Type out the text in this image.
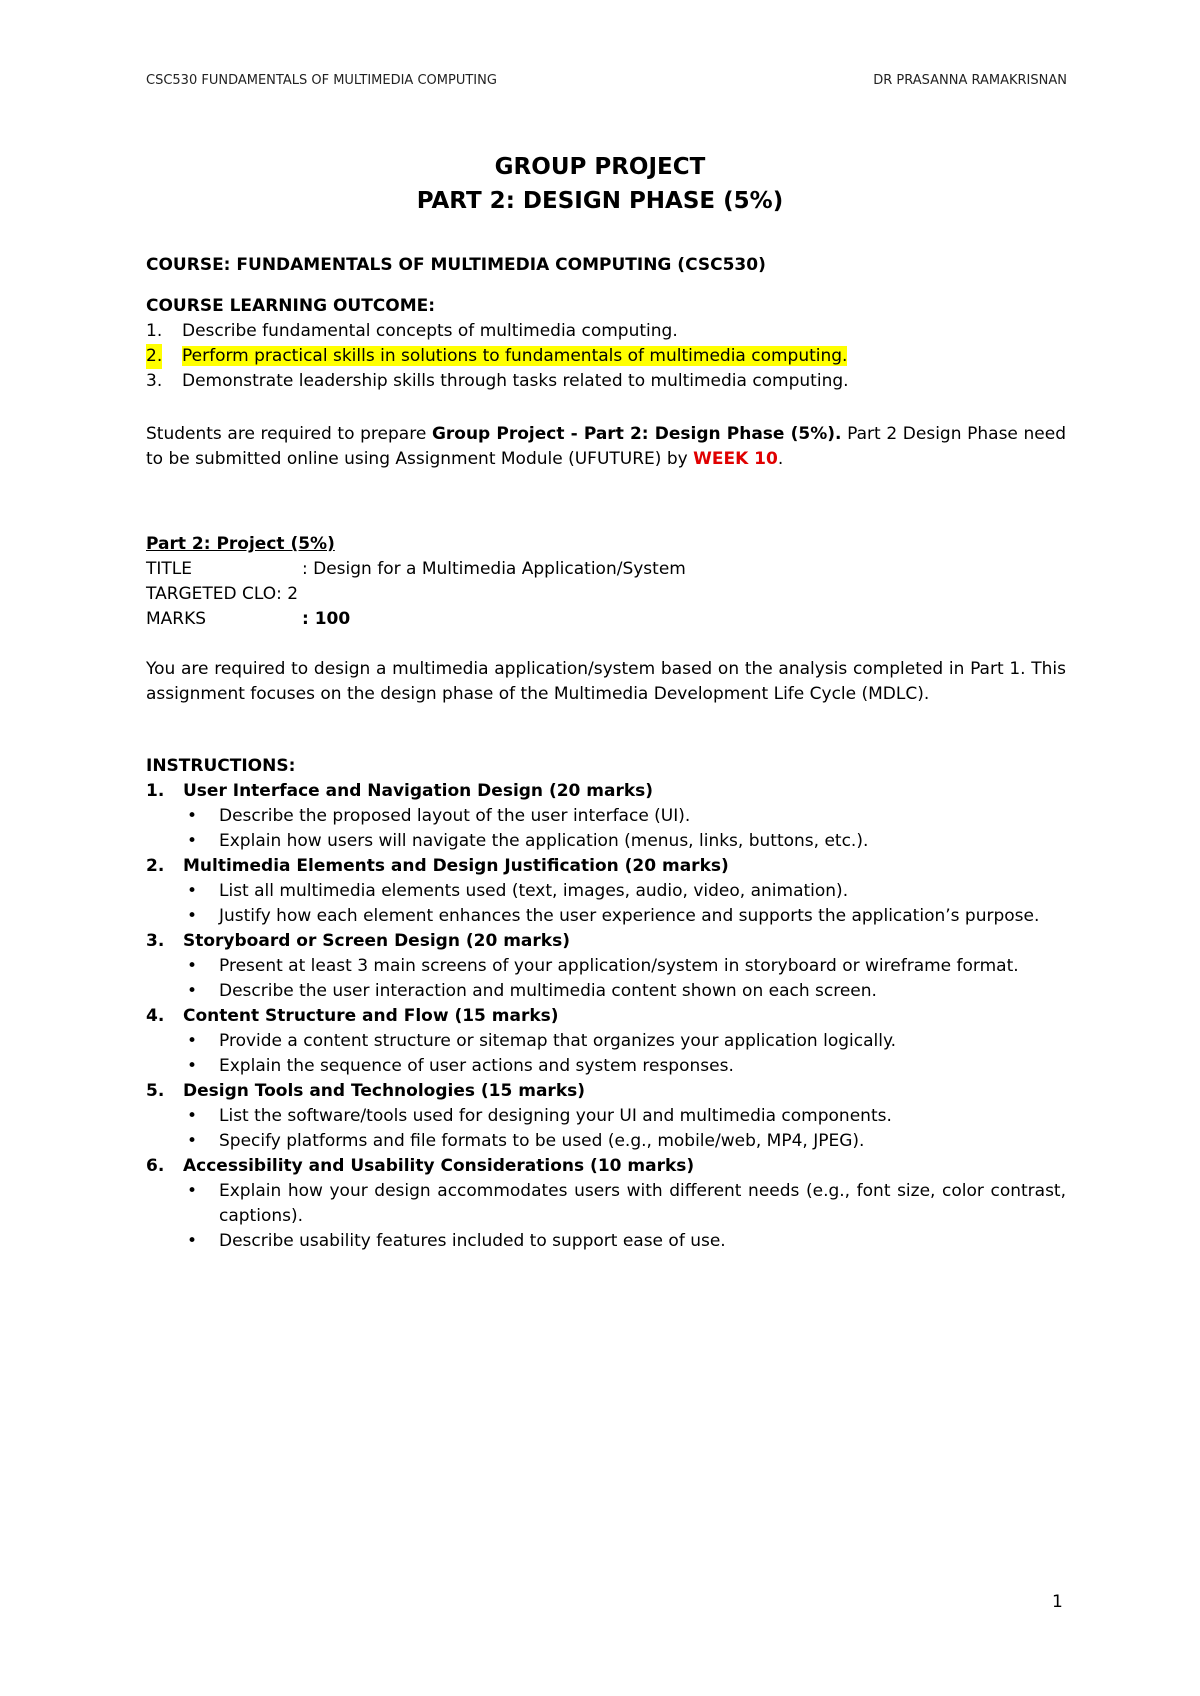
CSC530 FUNDAMENTALS OF MULTIMEDIA COMPUTING	DR PRASANNA RAMAKRISNAN
GROUP PROJECT
PART 2: DESIGN PHASE (5%)

COURSE: FUNDAMENTALS OF MULTIMEDIA COMPUTING (CSC530)

COURSE LEARNING OUTCOME:

1. Describe fundamental concepts of multimedia computing.
2. Perform practical skills in solutions to fundamentals of multimedia computing.
3. Demonstrate leadership skills through tasks related to multimedia computing.

Students are required to prepare Group Project - Part 2: Design Phase (5%). Part 2 Design Phase need to be submitted online using Assignment Module (UFUTURE) by WEEK 10.

Part 2: Project (5%)

TITLE	: Design for a Multimedia Application/System
TARGETED CLO : 2
MARKS	: 100

You are required to design a multimedia application/system based on the analysis completed in Part 1. This assignment focuses on the design phase of the Multimedia Development Life Cycle (MDLC).

INSTRUCTIONS:

1. User Interface and Navigation Design (20 marks)
• Describe the proposed layout of the user interface (UI).
• Explain how users will navigate the application (menus, links, buttons, etc.).
2. Multimedia Elements and Design Justification (20 marks)
• List all multimedia elements used (text, images, audio, video, animation).
• Justify how each element enhances the user experience and supports the application’s purpose.
3. Storyboard or Screen Design (20 marks)
• Present at least 3 main screens of your application/system in storyboard or wireframe format.
• Describe the user interaction and multimedia content shown on each screen.
4. Content Structure and Flow (15 marks)
• Provide a content structure or sitemap that organizes your application logically.
• Explain the sequence of user actions and system responses.
5. Design Tools and Technologies (15 marks)
• List the software/tools used for designing your UI and multimedia components.
• Specify platforms and file formats to be used (e.g., mobile/web, MP4, JPEG).
6. Accessibility and Usability Considerations (10 marks)
• Explain how your design accommodates users with different needs (e.g., font size, color contrast, captions).
• Describe usability features included to support ease of use.
1
